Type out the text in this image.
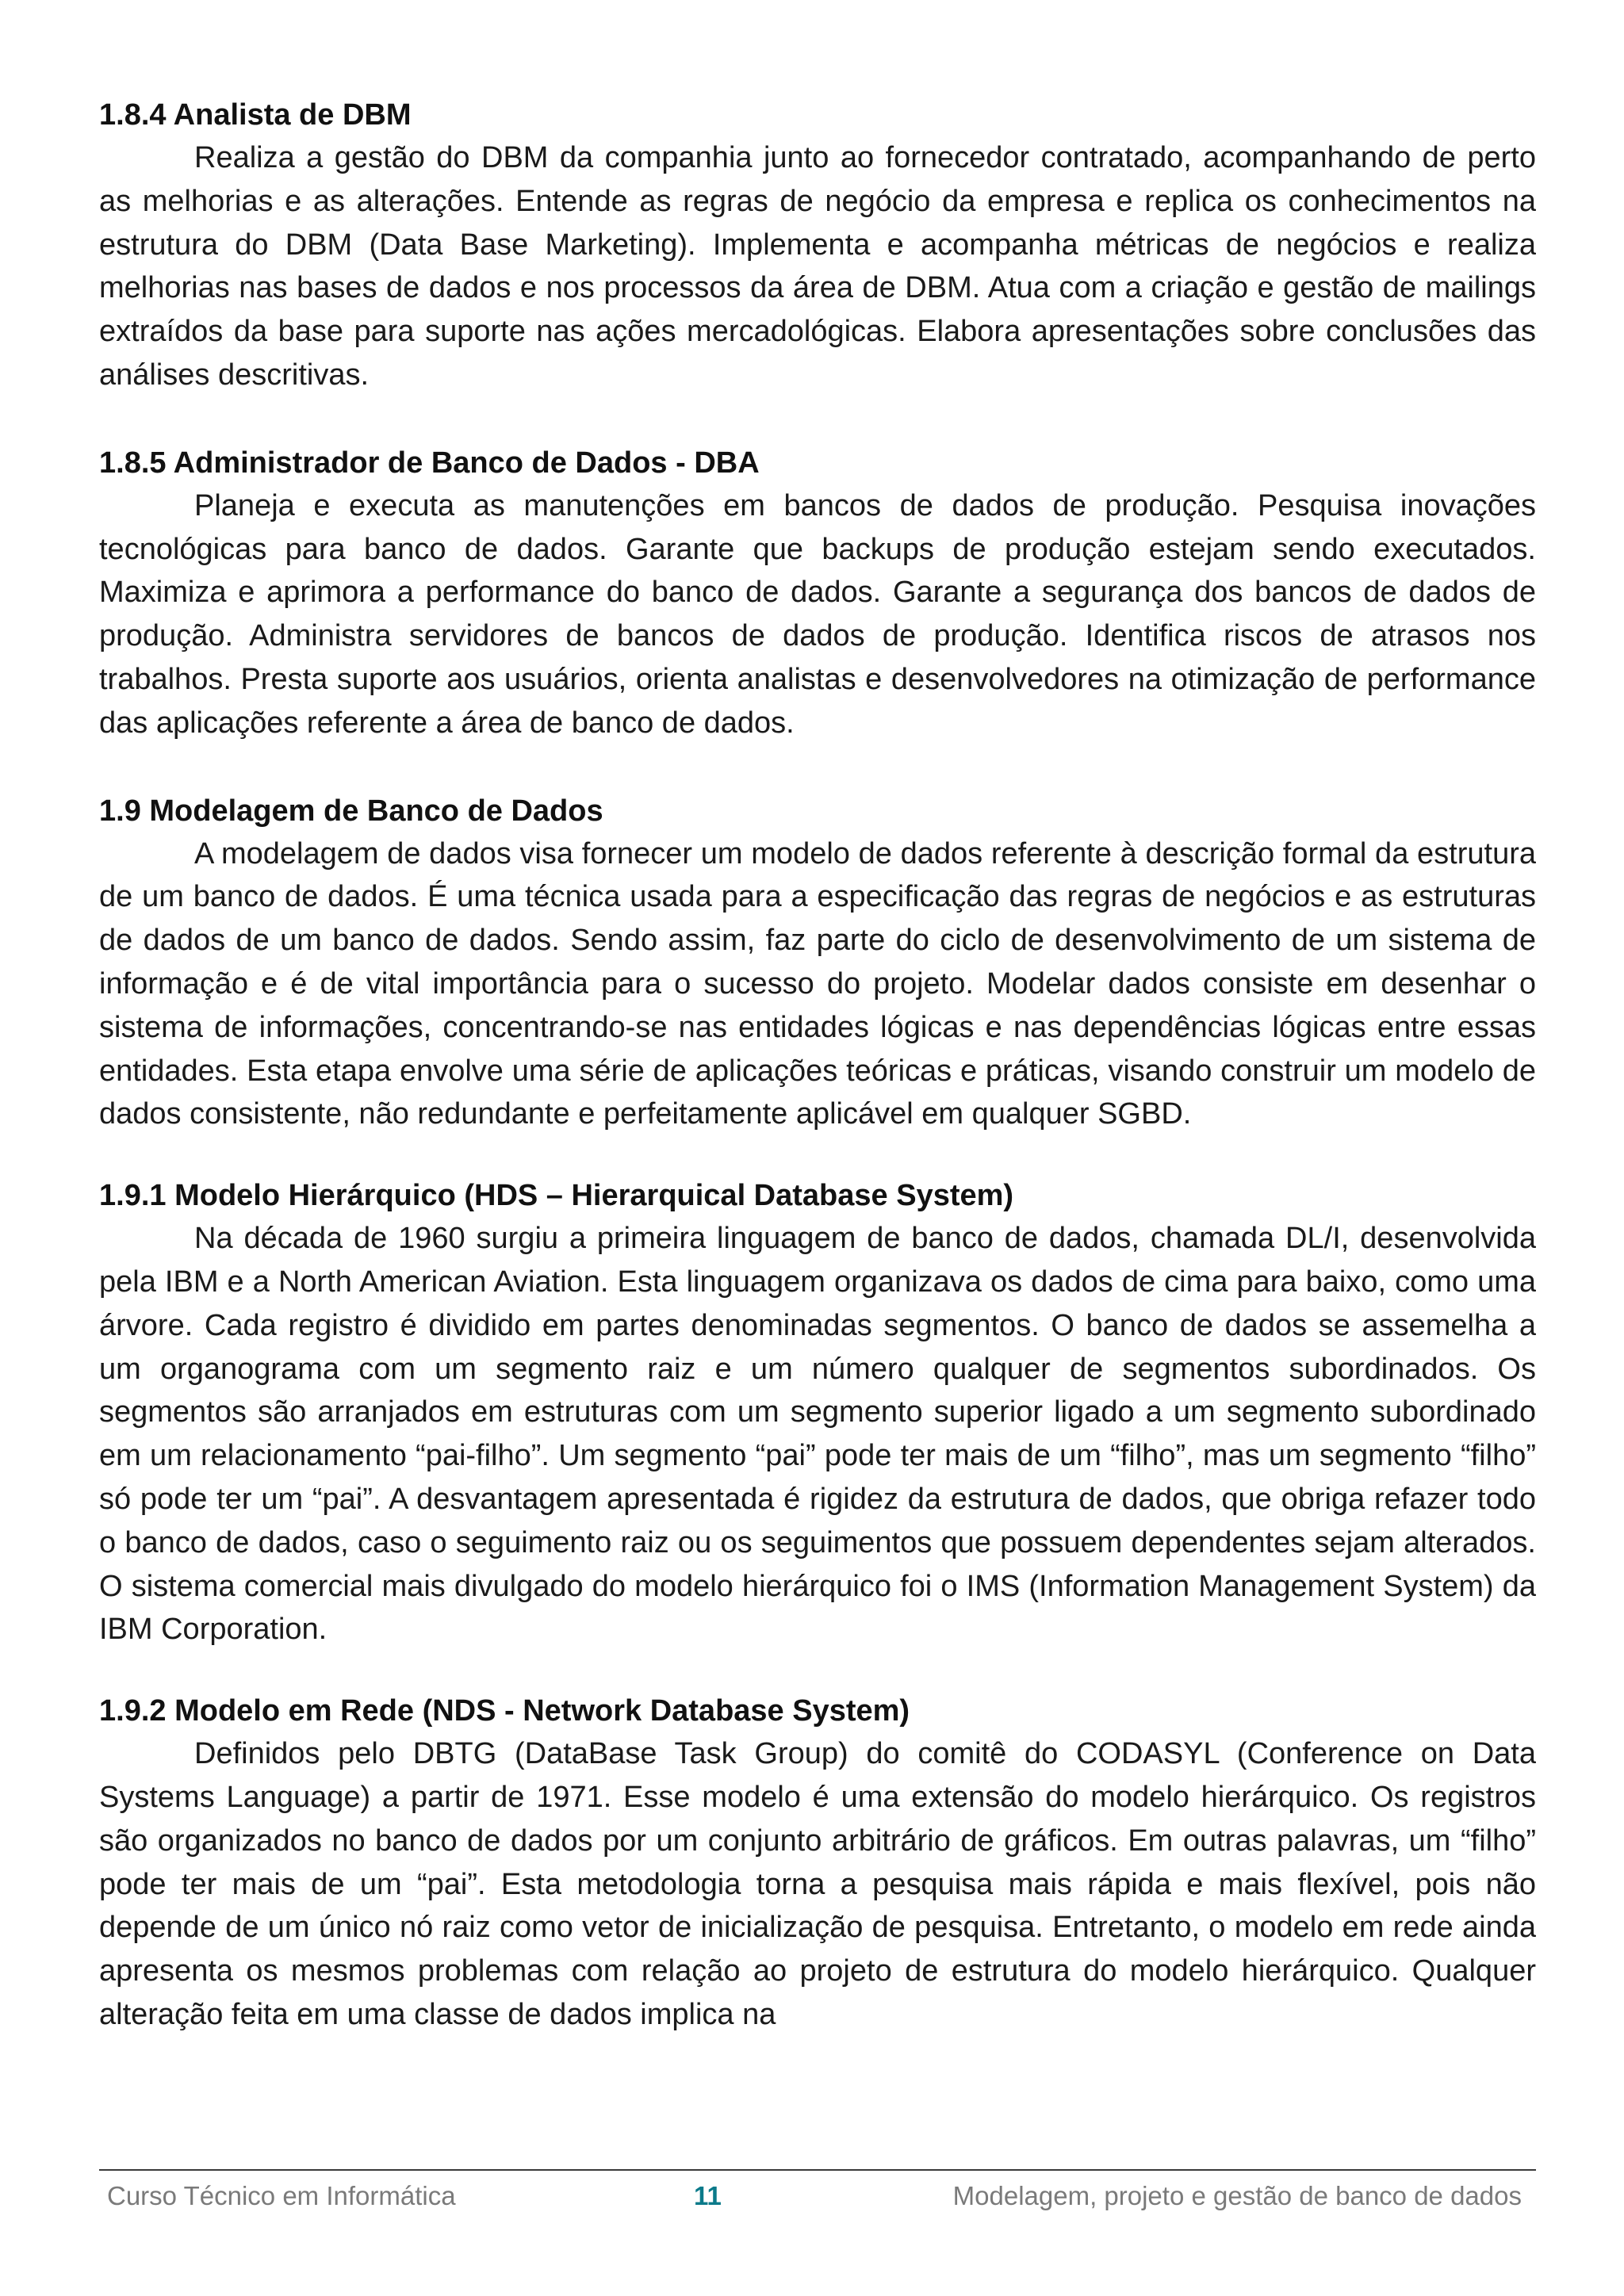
1.8.4 Analista de DBM

Realiza a gestão do DBM da companhia junto ao fornecedor contratado, acompanhando de perto as melhorias e as alterações. Entende as regras de negócio da empresa e replica os conhecimentos na estrutura do DBM (Data Base Marketing). Implementa e acompanha métricas de negócios e realiza melhorias nas bases de dados e nos processos da área de DBM. Atua com a criação e gestão de mailings extraídos da base para suporte nas ações mercadológicas. Elabora apresentações sobre conclusões das análises descritivas.

1.8.5 Administrador de Banco de Dados - DBA

Planeja e executa as manutenções em bancos de dados de produção. Pesquisa inovações tecnológicas para banco de dados. Garante que backups de produção estejam sendo executados. Maximiza e aprimora a performance do banco de dados. Garante a segurança dos bancos de dados de produção. Administra servidores de bancos de dados de produção. Identifica riscos de atrasos nos trabalhos. Presta suporte aos usuários, orienta analistas e desenvolvedores na otimização de performance das aplicações referente a área de banco de dados.

1.9 Modelagem de Banco de Dados

A modelagem de dados visa fornecer um modelo de dados referente à descrição formal da estrutura de um banco de dados. É uma técnica usada para a especificação das regras de negócios e as estruturas de dados de um banco de dados. Sendo assim, faz parte do ciclo de desenvolvimento de um sistema de informação e é de vital importância para o sucesso do projeto. Modelar dados consiste em desenhar o sistema de informações, concentrando-se nas entidades lógicas e nas dependências lógicas entre essas entidades. Esta etapa envolve uma série de aplicações teóricas e práticas, visando construir um modelo de dados consistente, não redundante e perfeitamente aplicável em qualquer SGBD.

1.9.1 Modelo Hierárquico (HDS – Hierarquical Database System)

Na década de 1960 surgiu a primeira linguagem de banco de dados, chamada DL/I, desenvolvida pela IBM e a North American Aviation. Esta linguagem organizava os dados de cima para baixo, como uma árvore. Cada registro é dividido em partes denominadas segmentos. O banco de dados se assemelha a um organograma com um segmento raiz e um número qualquer de segmentos subordinados. Os segmentos são arranjados em estruturas com um segmento superior ligado a um segmento subordinado em um relacionamento “pai-filho”. Um segmento “pai” pode ter mais de um “filho”, mas um segmento “filho” só pode ter um “pai”. A desvantagem apresentada é rigidez da estrutura de dados, que obriga refazer todo o banco de dados, caso o seguimento raiz ou os seguimentos que possuem dependentes sejam alterados. O sistema comercial mais divulgado do modelo hierárquico foi o IMS (Information Management System) da IBM Corporation.

1.9.2 Modelo em Rede (NDS - Network Database System)

Definidos pelo DBTG (DataBase Task Group) do comitê do CODASYL (Conference on Data Systems Language) a partir de 1971. Esse modelo é uma extensão do modelo hierárquico. Os registros são organizados no banco de dados por um conjunto arbitrário de gráficos. Em outras palavras, um “filho” pode ter mais de um “pai”. Esta metodologia torna a pesquisa mais rápida e mais flexível, pois não depende de um único nó raiz como vetor de inicialização de pesquisa. Entretanto, o modelo em rede ainda apresenta os mesmos problemas com relação ao projeto de estrutura do modelo hierárquico. Qualquer alteração feita em uma classe de dados implica na

Curso Técnico em Informática	11	Modelagem, projeto e gestão de banco de dados
